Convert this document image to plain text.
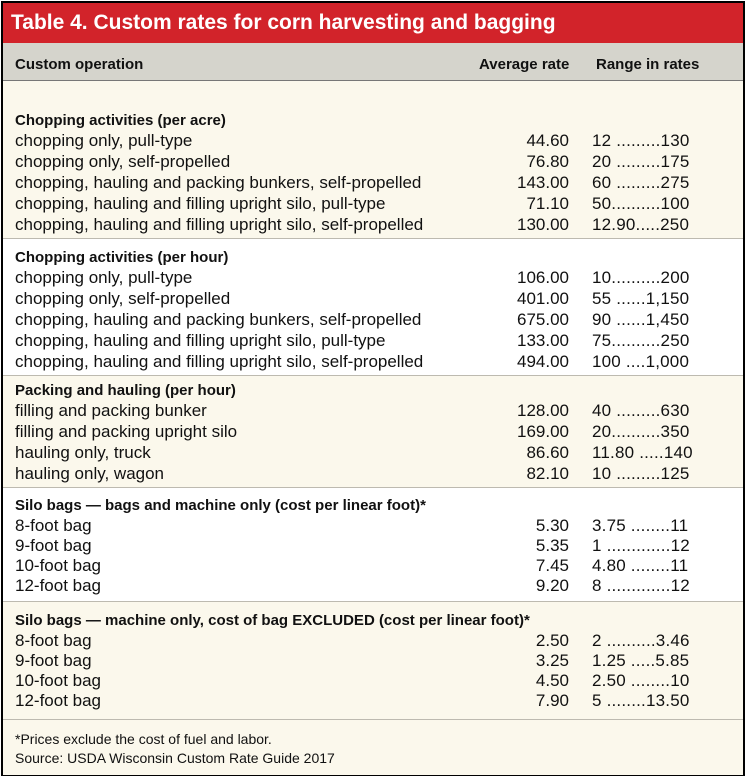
Table 4. Custom rates for corn harvesting and bagging
Custom operation	Average rate Range in rates
Chopping activities (per acre)
chopping only, pull-type	44.60 12 .........130
chopping only, self-propelled	76.80 20 .........175
chopping, hauling and packing bunkers, self-propelled	143.00 60 .........275
chopping, hauling and filling upright silo, pull-type	71.10 50..........100
chopping, hauling and filling upright silo, self-propelled	130.00 12.90.....250
Chopping activities (per hour)
chopping only, pull-type	106.00 10..........200
chopping only, self-propelled	401.00 55 ......1,150
chopping, hauling and packing bunkers, self-propelled	675.00 90 ......1,450
chopping, hauling and filling upright silo, pull-type	133.00 75..........250
chopping, hauling and filling upright silo, self-propelled	494.00 100 ....1,000
Packing and hauling (per hour)
filling and packing bunker	128.00 40 .........630
filling and packing upright silo	169.00 20..........350
hauling only, truck	86.60 11.80 .....140
hauling only, wagon	82.10 10 .........125
Silo bags — bags and machine only (cost per linear foot)*
8-foot bag	5.30 3.75 ........11
9-foot bag	5.35 1 .............12
10-foot bag	7.45 4.80 ........11
12-foot bag	9.20 8 .............12
Silo bags — machine only, cost of bag EXCLUDED (cost per linear foot)*
8-foot bag	2.50 2 ..........3.46
9-foot bag	3.25 1.25 .....5.85
10-foot bag	4.50 2.50 ........10
12-foot bag	7.90 5 ........13.50
*Prices exclude the cost of fuel and labor.
Source: USDA Wisconsin Custom Rate Guide 2017
